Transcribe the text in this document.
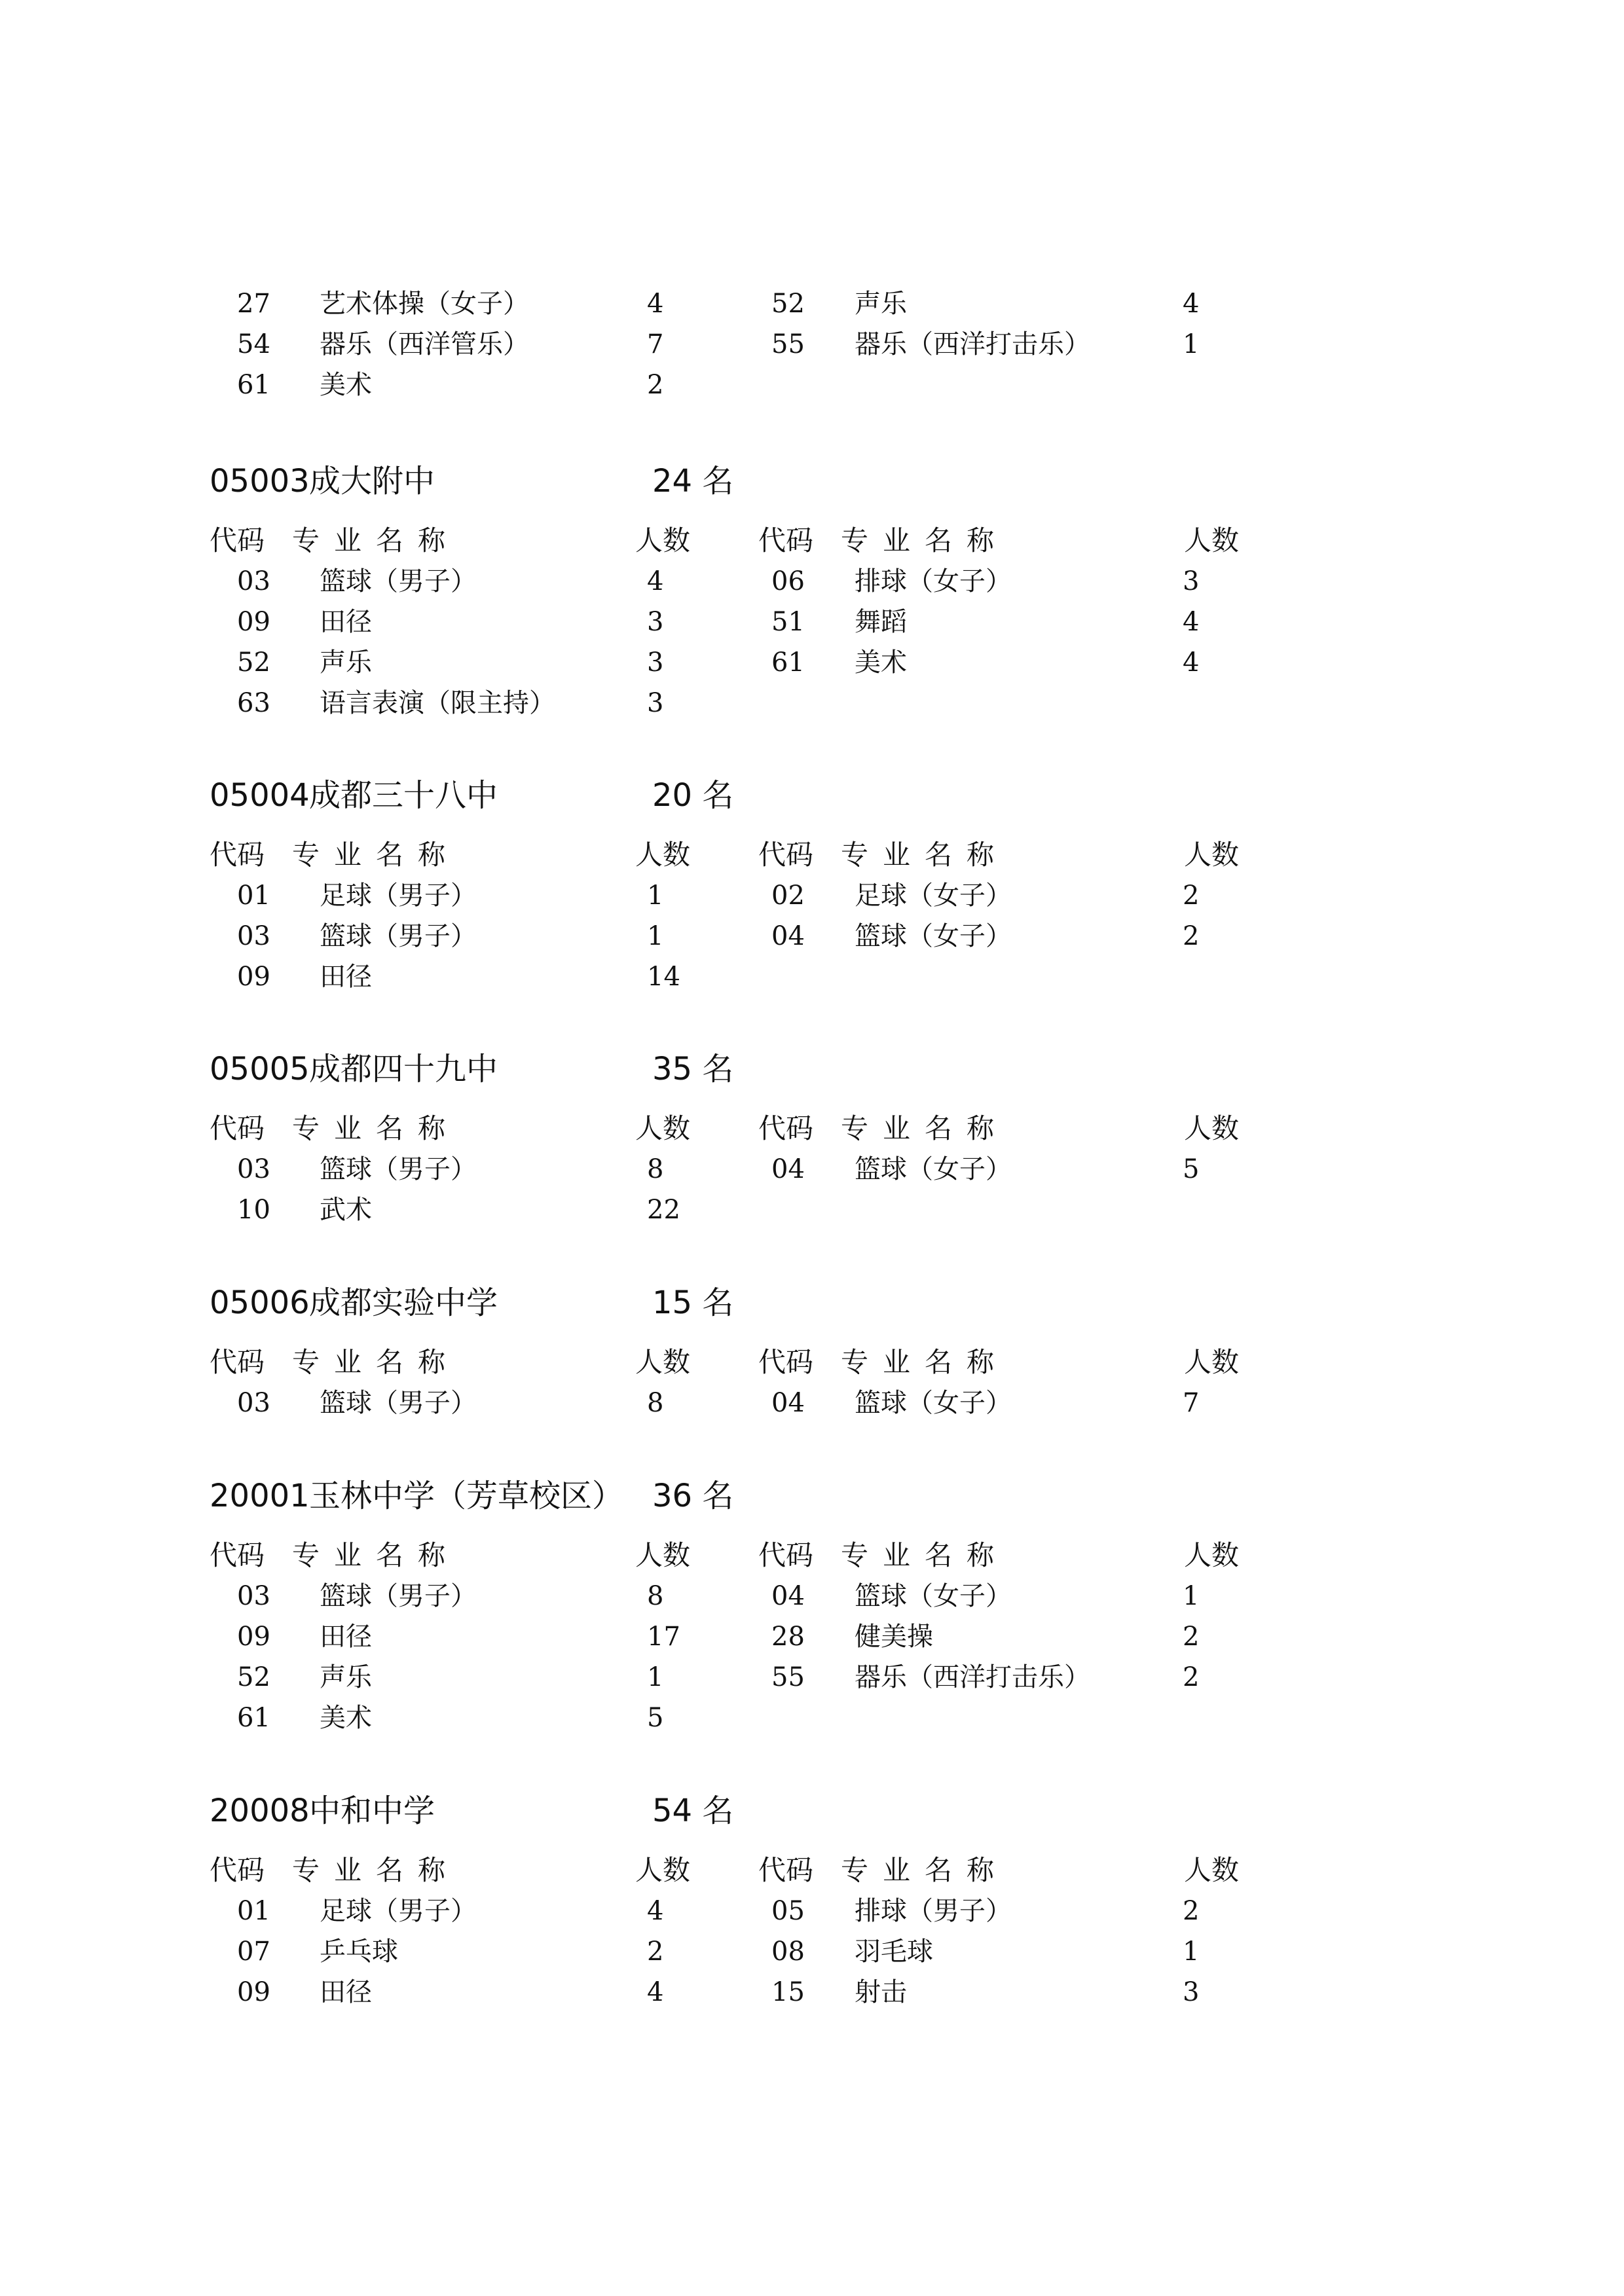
27 艺术体操（女子）	4	52 声乐	4
54 器乐（西洋管乐）	7	55 器乐（西洋打击乐）	1
61 美术	2
05003 成大附中	24 名
代码 专业名称	人数 代码 专业名称	人数
03 篮球（男子）	4	06 排球（女子）	3
09 田径	3	51 舞蹈	4
52 声乐	3	61 美术	4
63 语言表演（限主持）	3
05004 成都三十八中	20 名
代码 专业名称	人数 代码 专业名称	人数
01 足球（男子）	1	02 足球（女子）	2
03 篮球（男子）	1	04 篮球（女子）	2
09 田径	14
05005 成都四十九中	35 名
代码 专业名称	人数 代码 专业名称	人数
03 篮球（男子）	8	04 篮球（女子）	5
10 武术	22
05006 成都实验中学	15 名
代码 专业名称	人数 代码 专业名称	人数
03 篮球（男子）	8	04 篮球（女子）	7
20001 玉林中学（芳草校区） 36 名
代码 专业名称	人数 代码 专业名称	人数
03 篮球（男子）	8	04 篮球（女子）	1
09 田径	17	28 健美操	2
52 声乐	1	55 器乐（西洋打击乐）	2
61 美术	5
20008 中和中学	54 名
代码 专业名称	人数 代码 专业名称	人数
01 足球（男子）	4	05 排球（男子）	2
07 乒乓球	2	08 羽毛球	1
09 田径	4	15 射击	3
